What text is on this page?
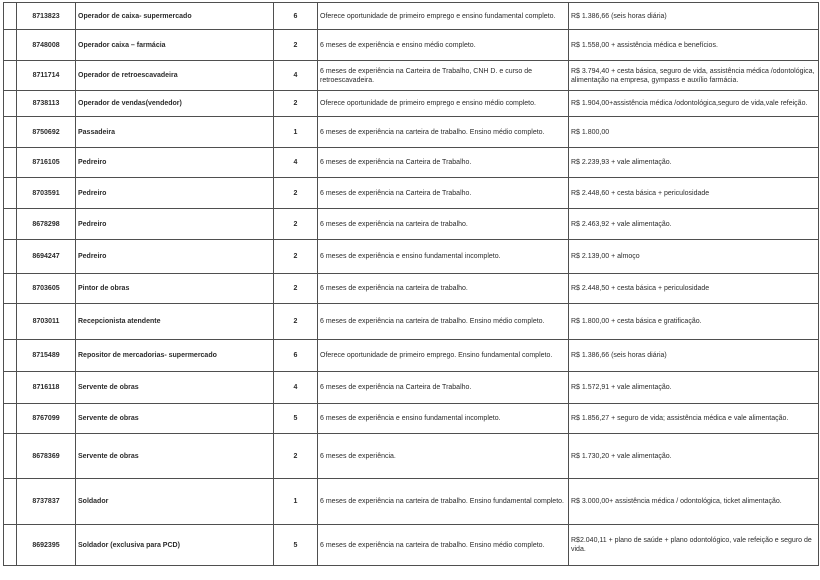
	8713823	Operador de caixa- supermercado	6	Oferece oportunidade de primeiro emprego e ensino fundamental completo.	R$ 1.386,66 (seis horas diária)
	8748008	Operador caixa – farmácia	2	6 meses de experiência e ensino médio completo.	R$ 1.558,00 + assistência médica e benefícios.
	8711714	Operador de retroescavadeira	4	6 meses de experiência na Carteira de Trabalho, CNH D. e curso de retroescavadeira.	R$ 3.794,40 + cesta básica, seguro de vida, assistência médica /odontológica, alimentação na empresa, gympass e auxílio farmácia.
	8738113	Operador de vendas(vendedor)	2	Oferece oportunidade de primeiro emprego e ensino médio completo.	R$ 1.904,00+assistência médica /odontológica,seguro de vida,vale refeição.
	8750692	Passadeira	1	6 meses de experiência na carteira de trabalho. Ensino médio completo.	R$ 1.800,00
	8716105	Pedreiro	4	6 meses de experiência na Carteira de Trabalho.	R$ 2.239,93 + vale alimentação.
	8703591	Pedreiro	2	6 meses de experiência na Carteira de Trabalho.	R$ 2.448,60 + cesta básica + periculosidade
	8678298	Pedreiro	2	6 meses de experiência na carteira de trabalho.	R$ 2.463,92 + vale alimentação.
	8694247	Pedreiro	2	6 meses de experiência e ensino fundamental incompleto.	R$ 2.139,00 + almoço
	8703605	Pintor de obras	2	6 meses de experiência na carteira de trabalho.	R$ 2.448,50 + cesta básica + periculosidade
	8703011	Recepcionista atendente	2	6 meses de experiência na carteira de trabalho. Ensino médio completo.	R$ 1.800,00 + cesta básica e gratificação.
	8715489	Repositor de mercadorias- supermercado	6	Oferece oportunidade de primeiro emprego. Ensino fundamental completo.	R$ 1.386,66 (seis horas diária)
	8716118	Servente de obras	4	6 meses de experiência na Carteira de Trabalho.	R$ 1.572,91 + vale alimentação.
	8767099	Servente de obras	5	6 meses de experiência e ensino fundamental incompleto.	R$ 1.856,27 + seguro de vida; assistência médica e vale alimentação.
	8678369	Servente de obras	2	6 meses de experiência.	R$ 1.730,20 + vale alimentação.
	8737837	Soldador	1	6 meses de experiência na carteira de trabalho. Ensino fundamental completo.	R$ 3.000,00+ assistência médica / odontológica, ticket alimentação.
	8692395	Soldador (exclusiva para PCD)	5	6 meses de experiência na carteira de trabalho. Ensino médio completo.	R$2.040,11 + plano de saúde + plano odontológico, vale refeição e seguro de vida.
